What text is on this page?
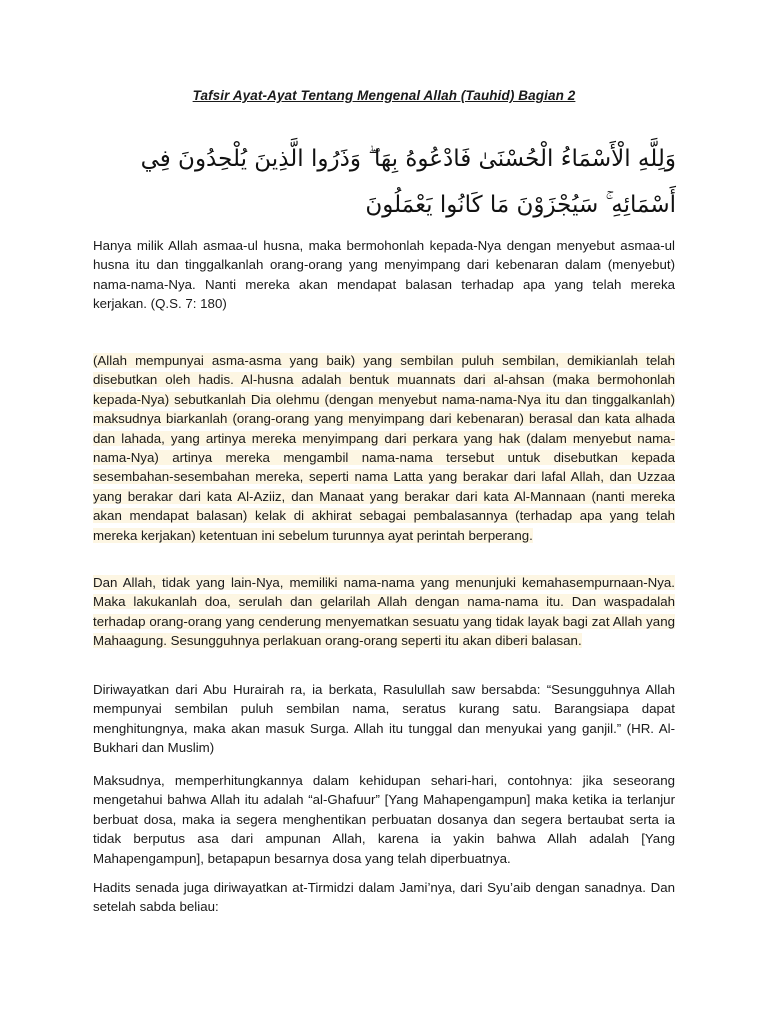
Tafsir Ayat-Ayat Tentang Mengenal Allah (Tauhid) Bagian 2
وَلِلَّهِ الْأَسْمَاءُ الْحُسْنَىٰ فَادْعُوهُ بِهَا ۖ وَذَرُوا الَّذِينَ يُلْحِدُونَ فِي أَسْمَائِهِ ۚ سَيُجْزَوْنَ مَا كَانُوا يَعْمَلُونَ

Hanya milik Allah asmaa-ul husna, maka bermohonlah kepada-Nya dengan menyebut asmaa-ul husna itu dan tinggalkanlah orang-orang yang menyimpang dari kebenaran dalam (menyebut) nama-nama-Nya. Nanti mereka akan mendapat balasan terhadap apa yang telah mereka kerjakan. (Q.S. 7: 180)

(Allah mempunyai asma-asma yang baik) yang sembilan puluh sembilan, demikianlah telah disebutkan oleh hadis. Al-husna adalah bentuk muannats dari al-ahsan (maka bermohonlah kepada-Nya) sebutkanlah Dia olehmu (dengan menyebut nama-nama-Nya itu dan tinggalkanlah) maksudnya biarkanlah (orang-orang yang menyimpang dari kebenaran) berasal dan kata alhada dan lahada, yang artinya mereka menyimpang dari perkara yang hak (dalam menyebut nama-nama-Nya) artinya mereka mengambil nama-nama tersebut untuk disebutkan kepada sesembahan-sesembahan mereka, seperti nama Latta yang berakar dari lafal Allah, dan Uzzaa yang berakar dari kata Al-Aziiz, dan Manaat yang berakar dari kata Al-Mannaan (nanti mereka akan mendapat balasan) kelak di akhirat sebagai pembalasannya (terhadap apa yang telah mereka kerjakan) ketentuan ini sebelum turunnya ayat perintah berperang.

Dan Allah, tidak yang lain-Nya, memiliki nama-nama yang menunjuki kemahasempurnaan-Nya. Maka lakukanlah doa, serulah dan gelarilah Allah dengan nama-nama itu. Dan waspadalah terhadap orang-orang yang cenderung menyematkan sesuatu yang tidak layak bagi zat Allah yang Mahaagung. Sesungguhnya perlakuan orang-orang seperti itu akan diberi balasan.

Diriwayatkan dari Abu Hurairah ra, ia berkata, Rasulullah saw bersabda: “Sesungguhnya Allah mempunyai sembilan puluh sembilan nama, seratus kurang satu. Barangsiapa dapat menghitungnya, maka akan masuk Surga. Allah itu tunggal dan menyukai yang ganjil.” (HR. Al-Bukhari dan Muslim)

Maksudnya, memperhitungkannya dalam kehidupan sehari-hari, contohnya: jika seseorang mengetahui bahwa Allah itu adalah “al-Ghafuur” [Yang Mahapengampun] maka ketika ia terlanjur berbuat dosa, maka ia segera menghentikan perbuatan dosanya dan segera bertaubat serta ia tidak berputus asa dari ampunan Allah, karena ia yakin bahwa Allah adalah [Yang Mahapengampun], betapapun besarnya dosa yang telah diperbuatnya.

Hadits senada juga diriwayatkan at-Tirmidzi dalam Jami’nya, dari Syu’aib dengan sanadnya. Dan setelah sabda beliau:
